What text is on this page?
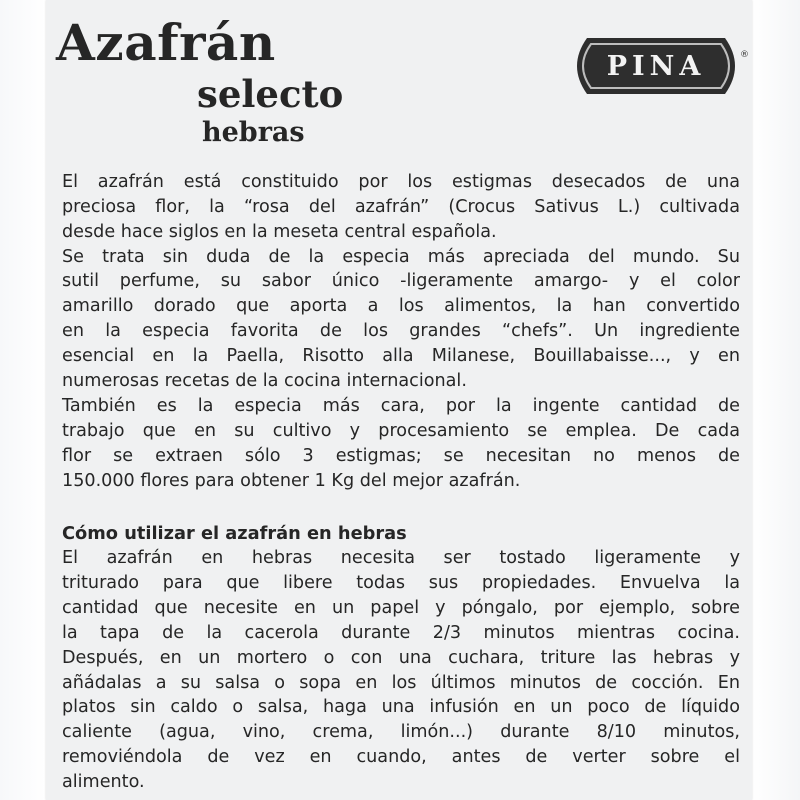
Azafrán
selecto
hebras
PINA	®

El azafrán está constituido por los estigmas desecados de una
preciosa flor, la “rosa del azafrán” (Crocus Sativus L.) cultivada
desde hace siglos en la meseta central española.

Se trata sin duda de la especia más apreciada del mundo. Su
sutil perfume, su sabor único -ligeramente amargo- y el color
amarillo dorado que aporta a los alimentos, la han convertido
en la especia favorita de los grandes “chefs”. Un ingrediente
esencial en la Paella, Risotto alla Milanese, Bouillabaisse..., y en
numerosas recetas de la cocina internacional.

También es la especia más cara, por la ingente cantidad de
trabajo que en su cultivo y procesamiento se emplea. De cada
flor se extraen sólo 3 estigmas; se necesitan no menos de
150.000 flores para obtener 1 Kg del mejor azafrán.

Cómo utilizar el azafrán en hebras

El azafrán en hebras necesita ser tostado ligeramente y
triturado para que libere todas sus propiedades. Envuelva la
cantidad que necesite en un papel y póngalo, por ejemplo, sobre
la tapa de la cacerola durante 2/3 minutos mientras cocina.
Después, en un mortero o con una cuchara, triture las hebras y
añádalas a su salsa o sopa en los últimos minutos de cocción. En
platos sin caldo o salsa, haga una infusión en un poco de líquido
caliente (agua, vino, crema, limón...) durante 8/10 minutos,
removiéndola de vez en cuando, antes de verter sobre el
alimento.
